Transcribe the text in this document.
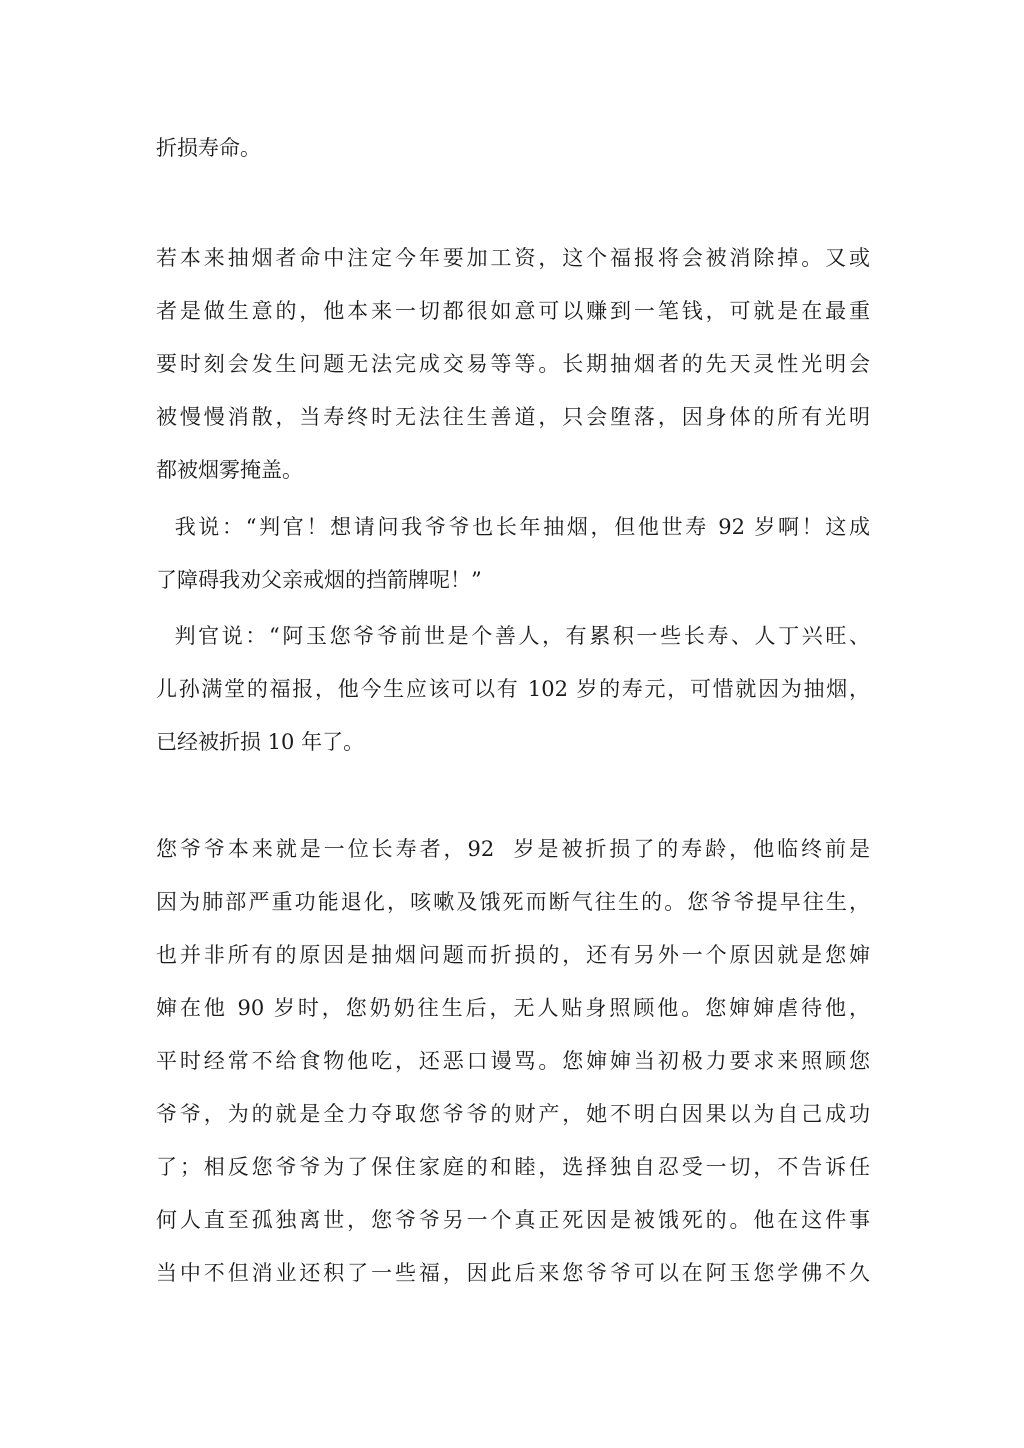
折损寿命。
若本来抽烟者命中注定今年要加工资，这个福报将会被消除掉。又或
者是做生意的，他本来一切都很如意可以赚到一笔钱，可就是在最重
要时刻会发生问题无法完成交易等等。长期抽烟者的先天灵性光明会
被慢慢消散，当寿终时无法往生善道，只会堕落，因身体的所有光明
都被烟雾掩盖。
我说：“判官！想请问我爷爷也长年抽烟，但他世寿 92 岁啊！这成
了障碍我劝父亲戒烟的挡箭牌呢！”
判官说：“阿玉您爷爷前世是个善人，有累积一些长寿、人丁兴旺、
儿孙满堂的福报，他今生应该可以有 102 岁的寿元，可惜就因为抽烟，
已经被折损 10 年了。
您爷爷本来就是一位长寿者，92  岁是被折损了的寿龄，他临终前是
因为肺部严重功能退化，咳嗽及饿死而断气往生的。您爷爷提早往生，
也并非所有的原因是抽烟问题而折损的，还有另外一个原因就是您婶
婶在他 90 岁时，您奶奶往生后，无人贴身照顾他。您婶婶虐待他，
平时经常不给食物他吃，还恶口谩骂。您婶婶当初极力要求来照顾您
爷爷，为的就是全力夺取您爷爷的财产，她不明白因果以为自己成功
了；相反您爷爷为了保住家庭的和睦，选择独自忍受一切，不告诉任
何人直至孤独离世，您爷爷另一个真正死因是被饿死的。他在这件事
当中不但消业还积了一些福，因此后来您爷爷可以在阿玉您学佛不久
